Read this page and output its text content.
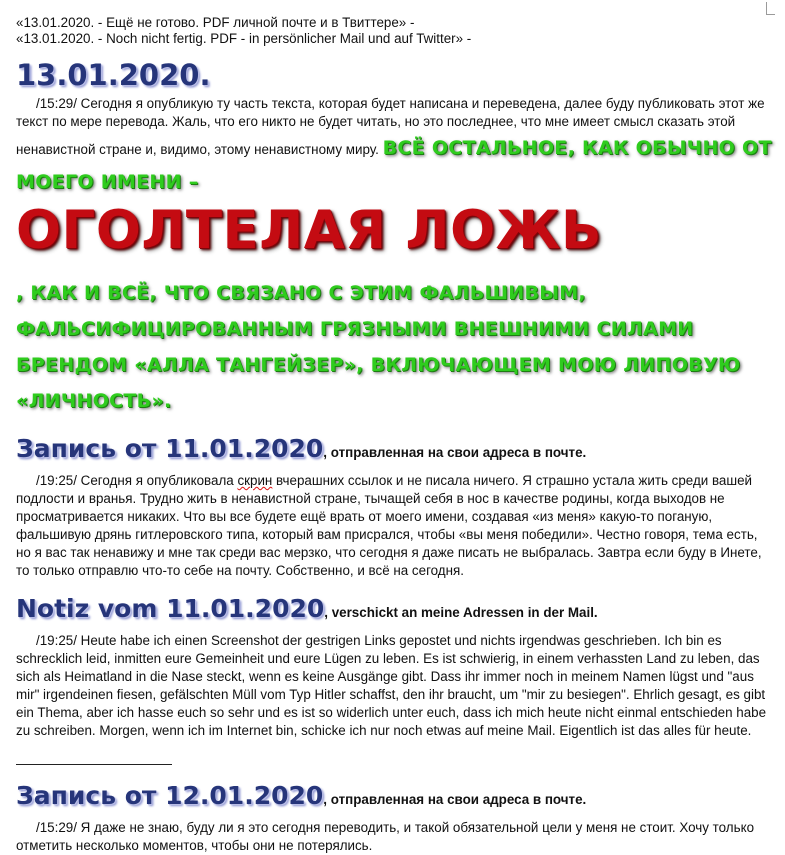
«13.01.2020. - Ещё не готово. PDF личной почте и в Твиттере» -

«13.01.2020. - Noch nicht fertig. PDF - in persönlicher Mail und auf Twitter» -

13.01.2020.

/15:29/ Сегодня я опубликую ту часть текста, которая будет написана и переведена, далее буду публиковать этот же текст по мере перевода. Жаль, что его никто не будет читать, но это последнее, что мне имеет смысл сказать этой ненавистной стране и, видимо, этому ненавистному миру. ВСЁ ОСТАЛЬНОЕ, КАК ОБЫЧНО ОТ МОЕГО ИМЕНИ –

ОГОЛТЕЛАЯ ЛОЖЬ

, КАК И ВСЁ, ЧТО СВЯЗАНО С ЭТИМ ФАЛЬШИВЫМ, ФАЛЬСИФИЦИРОВАННЫМ ГРЯЗНЫМИ ВНЕШНИМИ СИЛАМИ БРЕНДОМ «АЛЛА ТАНГЕЙЗЕР», ВКЛЮЧАЮЩЕМ МОЮ ЛИПОВУЮ «ЛИЧНОСТЬ».

Запись от 11.01.2020, отправленная на свои адреса в почте.

/19:25/ Сегодня я опубликовала скрин вчерашних ссылок и не писала ничего. Я страшно устала жить среди вашей подлости и вранья. Трудно жить в ненавистной стране, тычащей себя в нос в качестве родины, когда выходов не просматривается никаких. Что вы все будете ещё врать от моего имени, создавая «из меня» какую-то поганую, фальшивую дрянь гитлеровского типа, который вам присрался, чтобы «вы меня победили». Честно говоря, тема есть, но я вас так ненавижу и мне так среди вас мерзко, что сегодня я даже писать не выбралась. Завтра если буду в Инете, то только отправлю что-то себе на почту. Собственно, и всё на сегодня.

Notiz vom 11.01.2020, verschickt an meine Adressen in der Mail.

/19:25/ Heute habe ich einen Screenshot der gestrigen Links gepostet und nichts irgendwas geschrieben. Ich bin es schrecklich leid, inmitten eure Gemeinheit und eure Lügen zu leben. Es ist schwierig, in einem verhassten Land zu leben, das sich als Heimatland in die Nase steckt, wenn es keine Ausgänge gibt. Dass ihr immer noch in meinem Namen lügst und "aus mir" irgendeinen fiesen, gefälschten Müll vom Typ Hitler schaffst, den ihr braucht, um "mir zu besiegen". Ehrlich gesagt, es gibt ein Thema, aber ich hasse euch so sehr und es ist so widerlich unter euch, dass ich mich heute nicht einmal entschieden habe zu schreiben. Morgen, wenn ich im Internet bin, schicke ich nur noch etwas auf meine Mail. Eigentlich ist das alles für heute.

Запись от 12.01.2020, отправленная на свои адреса в почте.

/15:29/ Я даже не знаю, буду ли я это сегодня переводить, и такой обязательной цели у меня не стоит. Хочу только отметить несколько моментов, чтобы они не потерялись.
